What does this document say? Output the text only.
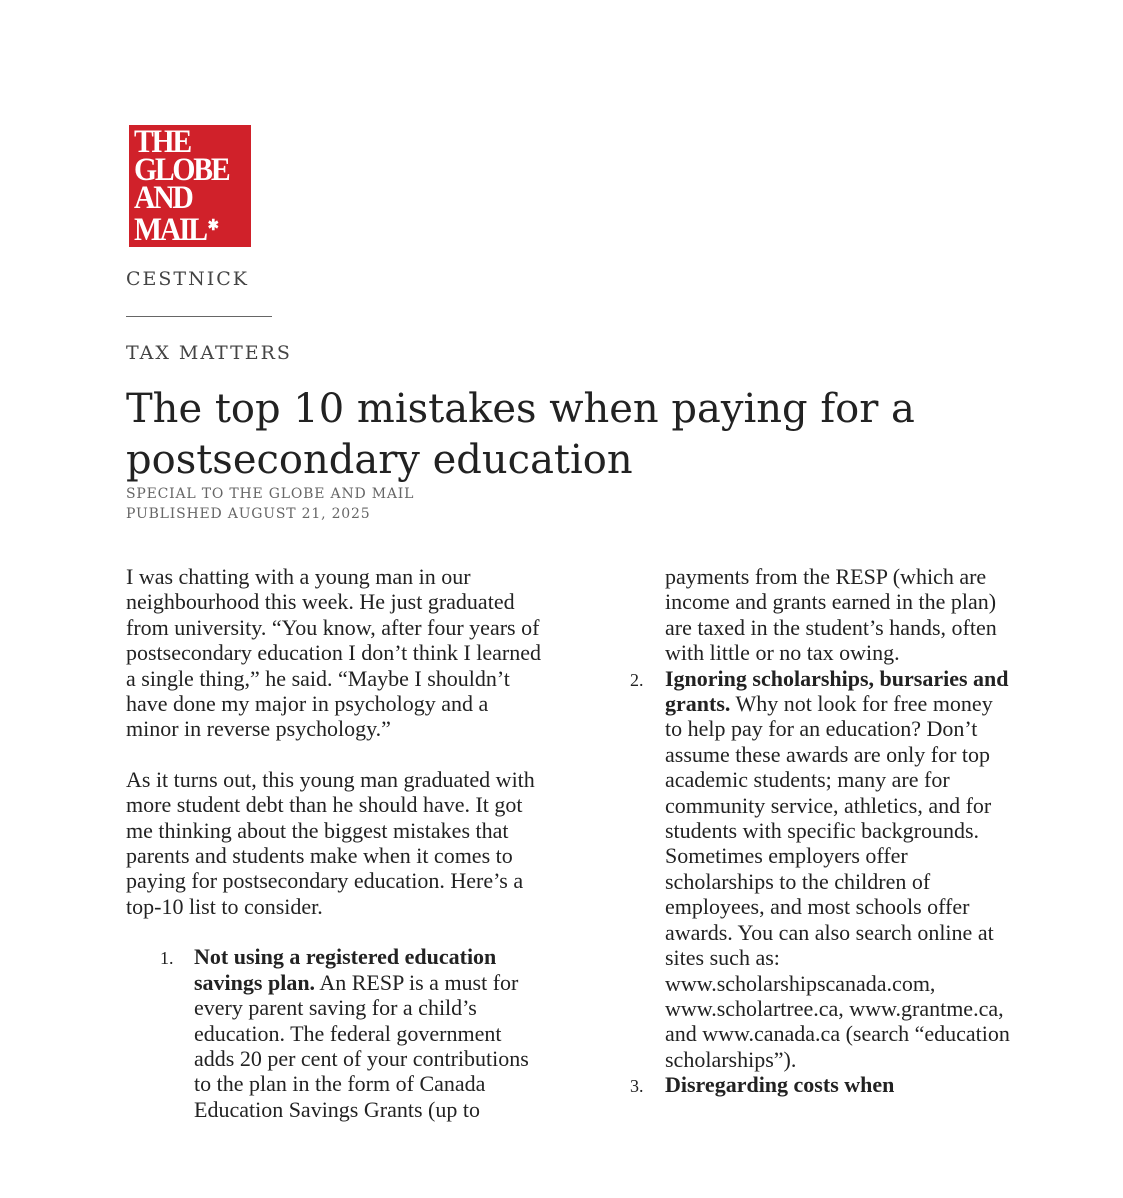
THE
GLOBE
AND
MAIL ✱

CESTNICK

TAX MATTERS

The top 10 mistakes when paying for a
postsecondary education

SPECIAL TO THE GLOBE AND MAIL

PUBLISHED AUGUST 21, 2025

I was chatting with a young man in our neighbourhood this week. He just graduated from university. “You know, after four years of postsecondary education I don’t think I learned a single thing,” he said. “Maybe I shouldn’t have done my major in psychology and a minor in reverse psychology.”

As it turns out, this young man graduated with more student debt than he should have. It got me thinking about the biggest mistakes that parents and students make when it comes to paying for postsecondary education. Here’s a top-10 list to consider.

1. Not using a registered education savings plan. An RESP is a must for every parent saving for a child’s education. The federal government adds 20 per cent of your contributions to the plan in the form of Canada Education Savings Grants (up to

payments from the RESP (which are income and grants earned in the plan) are taxed in the student’s hands, often with little or no tax owing.

2. Ignoring scholarships, bursaries and grants. Why not look for free money to help pay for an education? Don’t assume these awards are only for top academic students; many are for community service, athletics, and for students with specific backgrounds. Sometimes employers offer scholarships to the children of employees, and most schools offer awards. You can also search online at sites such as: www.scholarshipscanada.com, www.scholartree.ca, www.grantme.ca, and www.canada.ca (search “education scholarships”).
3. Disregarding costs when
